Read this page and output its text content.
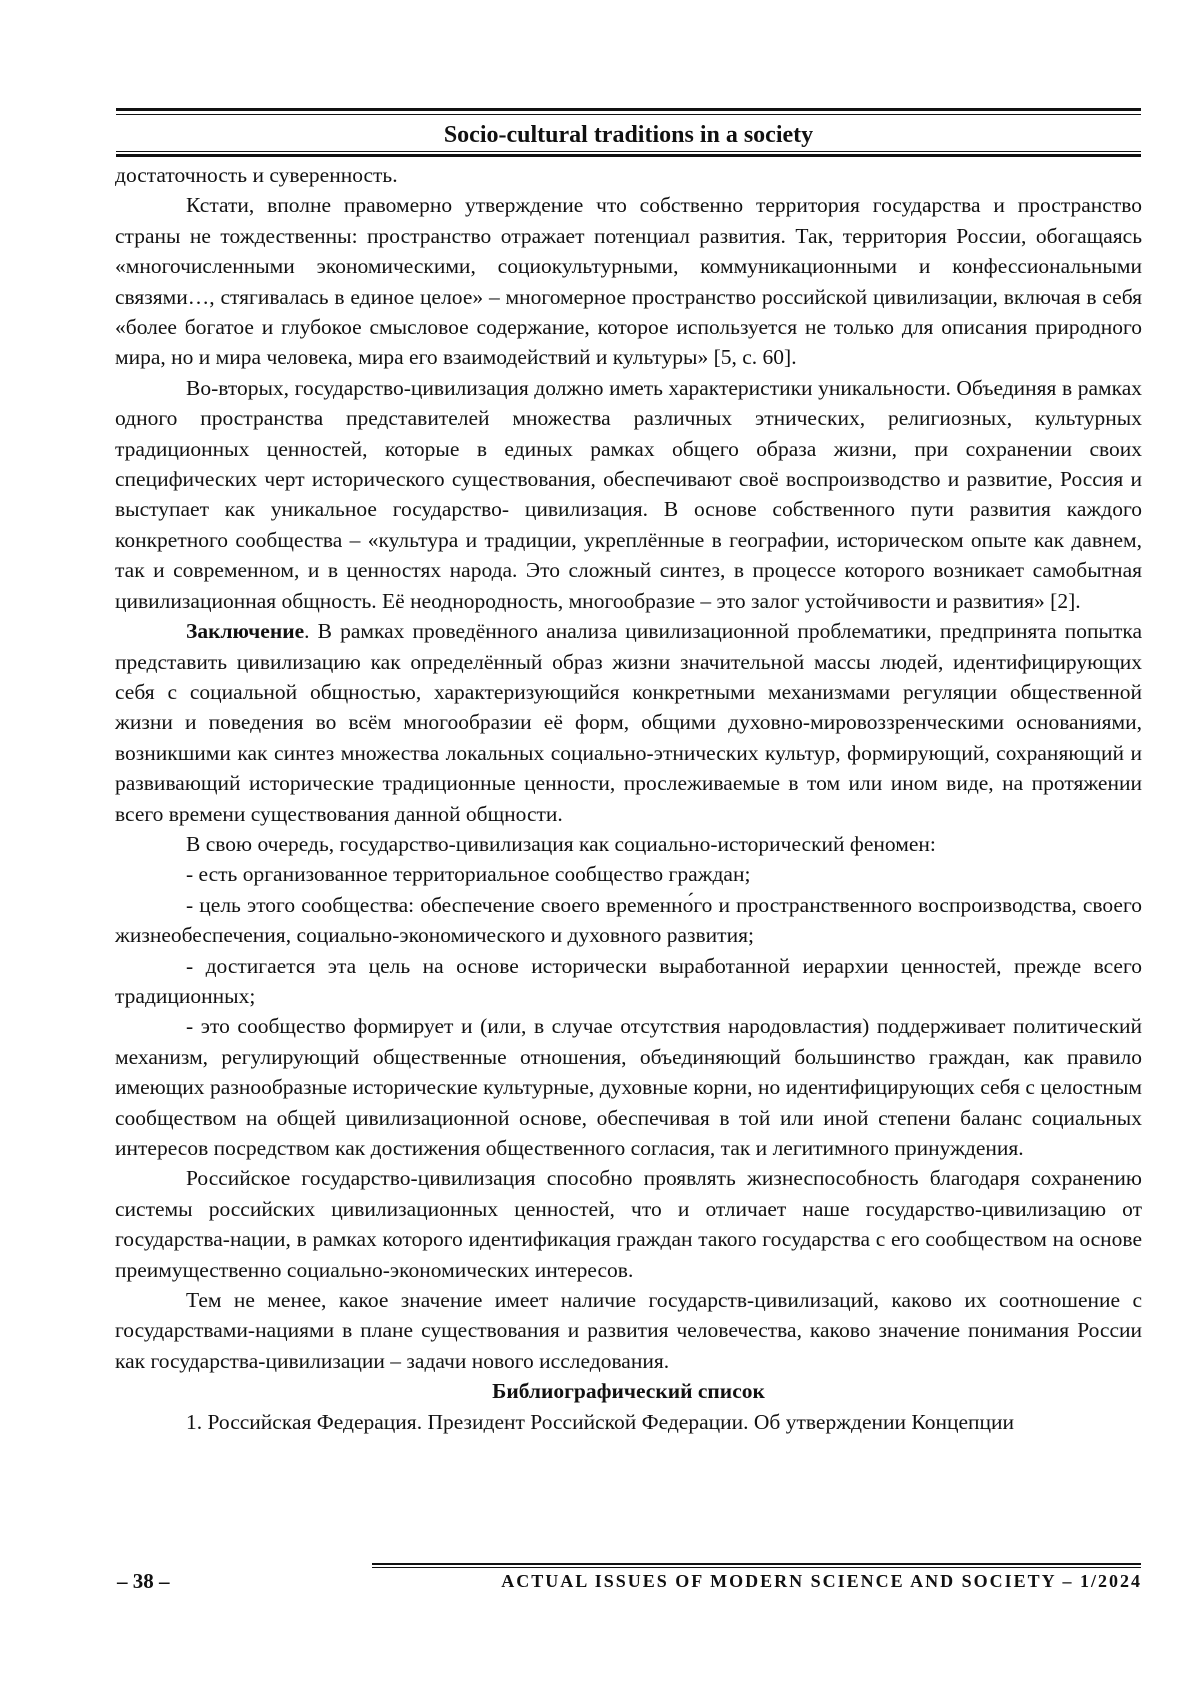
Socio-cultural traditions in a society

достаточность и суверенность.

Кстати, вполне правомерно утверждение что собственно территория государства и пространство страны не тождественны: пространство отражает потенциал развития. Так, территория России, обогащаясь «многочисленными экономическими, социокультурными, коммуникационными и конфессиональными связями…, стягивалась в единое целое» – многомерное пространство российской цивилизации, включая в себя «более богатое и глубокое смысловое содержание, которое используется не только для описания природного мира, но и мира человека, мира его взаимодействий и культуры» [5, с. 60].

Во-вторых, государство-цивилизация должно иметь характеристики уникальности. Объединяя в рамках одного пространства представителей множества различных этнических, религиозных, культурных традиционных ценностей, которые в единых рамках общего образа жизни, при сохранении своих специфических черт исторического существования, обеспечивают своё воспроизводство и развитие, Россия и выступает как уникальное государство- цивилизация. В основе собственного пути развития каждого конкретного сообщества – «культура и традиции, укреплённые в географии, историческом опыте как давнем, так и современном, и в ценностях народа. Это сложный синтез, в процессе которого возникает самобытная цивилизационная общность. Её неоднородность, многообразие – это залог устойчивости и развития» [2].

Заключение. В рамках проведённого анализа цивилизационной проблематики, предпринята попытка представить цивилизацию как определённый образ жизни значительной массы людей, идентифицирующих себя с социальной общностью, характеризующийся конкретными механизмами регуляции общественной жизни и поведения во всём многообразии её форм, общими духовно-мировоззренческими основаниями, возникшими как синтез множества локальных социально-этнических культур, формирующий, сохраняющий и развивающий исторические традиционные ценности, прослеживаемые в том или ином виде, на протяжении всего времени существования данной общности.

В свою очередь, государство-цивилизация как социально-исторический феномен:

- есть организованное территориальное сообщество граждан;

- цель этого сообщества: обеспечение своего временно́го и пространственного воспроизводства, своего жизнеобеспечения, социально-экономического и духовного развития;

- достигается эта цель на основе исторически выработанной иерархии ценностей, прежде всего традиционных;

- это сообщество формирует и (или, в случае отсутствия народовластия) поддерживает политический механизм, регулирующий общественные отношения, объединяющий большинство граждан, как правило имеющих разнообразные исторические культурные, духовные корни, но идентифицирующих себя с целостным сообществом на общей цивилизационной основе, обеспечивая в той или иной степени баланс социальных интересов посредством как достижения общественного согласия, так и легитимного принуждения.

Российское государство-цивилизация способно проявлять жизнеспособность благодаря сохранению системы российских цивилизационных ценностей, что и отличает наше государство-цивилизацию от государства-нации, в рамках которого идентификация граждан такого государства с его сообществом на основе преимущественно социально-экономических интересов.

Тем не менее, какое значение имеет наличие государств-цивилизаций, каково их соотношение с государствами-нациями в плане существования и развития человечества, каково значение понимания России как государства-цивилизации – задачи нового исследования.

Библиографический список

1. Российская Федерация. Президент Российской Федерации. Об утверждении Концепции

– 38 –	ACTUAL ISSUES OF MODERN SCIENCE AND SOCIETY – 1/2024
